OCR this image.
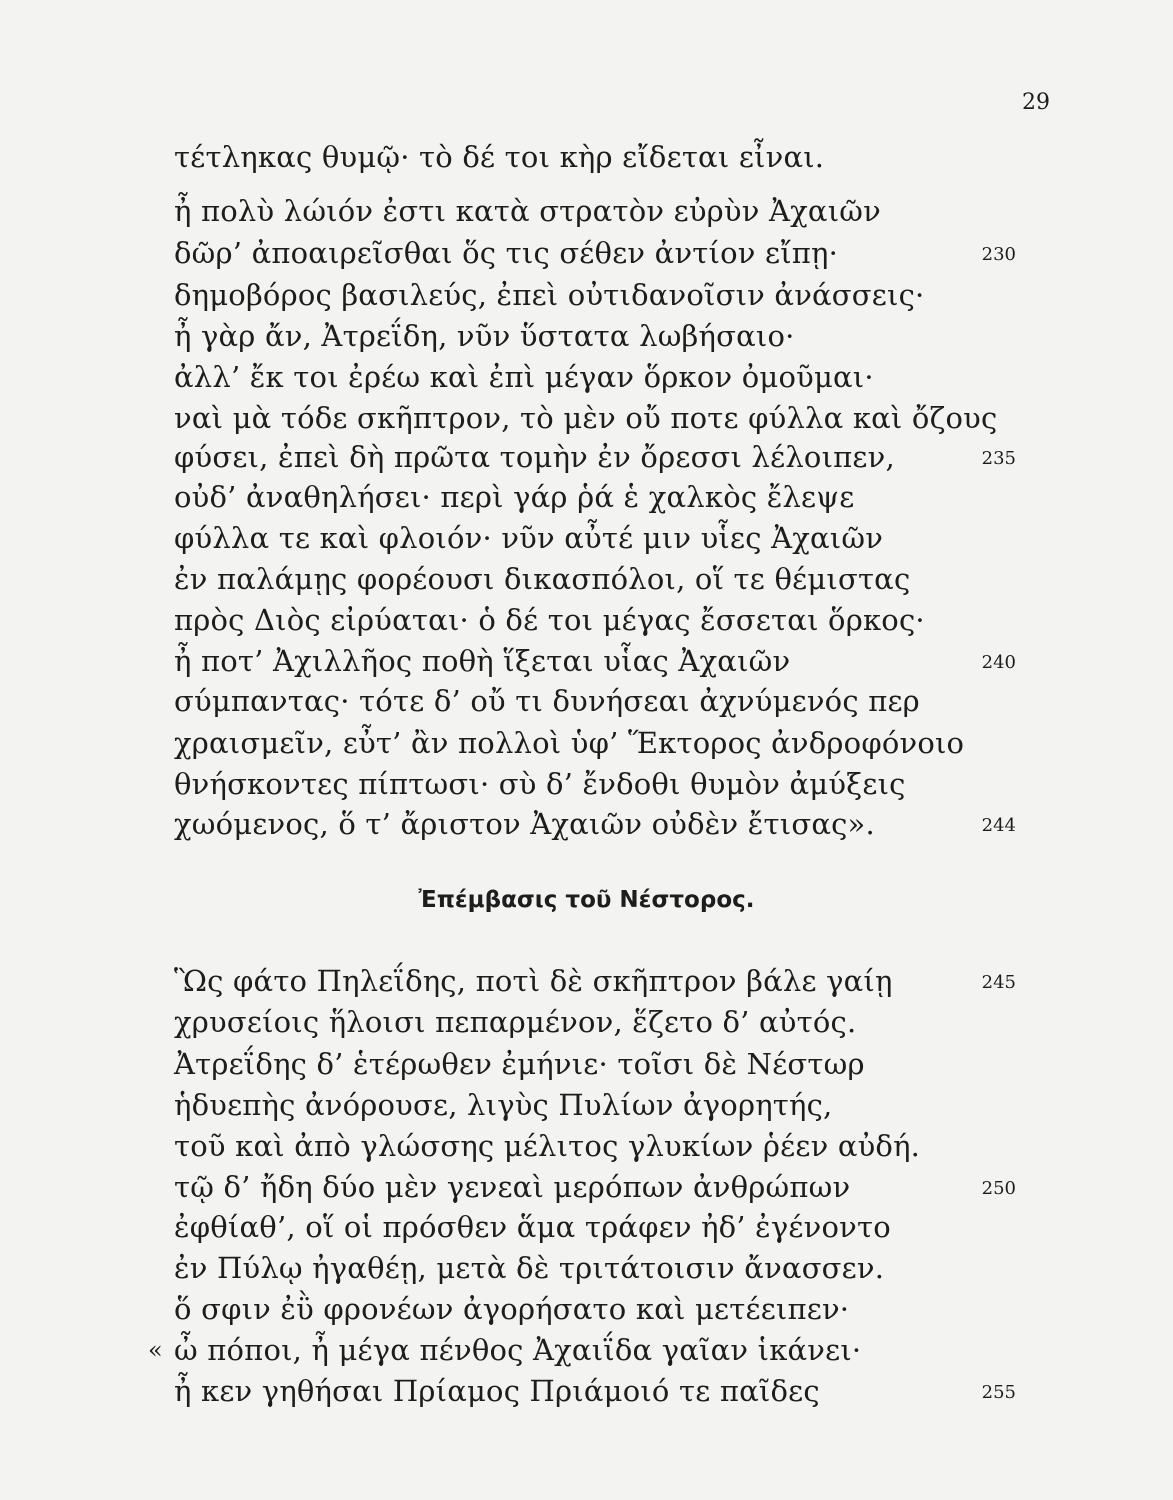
29
τέτληκας θυμῷ· τὸ δέ τοι κὴρ εἴδεται εἶναι.
ἦ πολὺ λώιόν ἐστι κατὰ στρατὸν εὐρὺν Ἀχαιῶν
δῶρ’ ἀποαιρεῖσθαι ὅς τις σέθεν ἀντίον εἴπῃ·
δημοβόρος βασιλεύς, ἐπεὶ οὐτιδανοῖσιν ἀνάσσεις·
ἦ γὰρ ἄν, Ἀτρεΐδη, νῦν ὕστατα λωβήσαιο·
ἀλλ’ ἔκ τοι ἐρέω καὶ ἐπὶ μέγαν ὅρκον ὀμοῦμαι·
ναὶ μὰ τόδε σκῆπτρον, τὸ μὲν οὔ ποτε φύλλα καὶ ὄζους
φύσει, ἐπεὶ δὴ πρῶτα τομὴν ἐν ὄρεσσι λέλοιπεν,
οὐδ’ ἀναθηλήσει· περὶ γάρ ῥά ἑ χαλκὸς ἔλεψε
φύλλα τε καὶ φλοιόν· νῦν αὖτέ μιν υἷες Ἀχαιῶν
ἐν παλάμῃς φορέουσι δικασπόλοι, οἵ τε θέμιστας
πρὸς Διὸς εἰρύαται· ὁ δέ τοι μέγας ἔσσεται ὅρκος·
ἦ ποτ’ Ἀχιλλῆος ποθὴ ἵξεται υἷας Ἀχαιῶν
σύμπαντας· τότε δ’ οὔ τι δυνήσεαι ἀχνύμενός περ
χραισμεῖν, εὖτ’ ἂν πολλοὶ ὑφ’ Ἕκτορος ἀνδροφόνοιο
θνήσκοντες πίπτωσι· σὺ δ’ ἔνδοθι θυμὸν ἀμύξεις
χωόμενος, ὅ τ’ ἄριστον Ἀχαιῶν οὐδὲν ἔτισας».
230
235
240
244
Ἐπέμβασις τοῦ Νέστορος.
Ὣς φάτο Πηλεΐδης, ποτὶ δὲ σκῆπτρον βάλε γαίῃ
χρυσείοις ἥλοισι πεπαρμένον, ἕζετο δ’ αὐτός.
Ἀτρεΐδης δ’ ἑτέρωθεν ἐμήνιε· τοῖσι δὲ Νέστωρ
ἡδυεπὴς ἀνόρουσε, λιγὺς Πυλίων ἀγορητής,
τοῦ καὶ ἀπὸ γλώσσης μέλιτος γλυκίων ῥέεν αὐδή.
τῷ δ’ ἤδη δύο μὲν γενεαὶ μερόπων ἀνθρώπων
ἐφθίαθ’, οἵ οἱ πρόσθεν ἅμα τράφεν ἠδ’ ἐγένοντο
ἐν Πύλῳ ἠγαθέῃ, μετὰ δὲ τριτάτοισιν ἄνασσεν.
ὅ σφιν ἐῢ φρονέων ἀγορήσατο καὶ μετέειπεν·
ὦ πόποι, ἦ μέγα πένθος Ἀχαιΐδα γαῖαν ἱκάνει·
ἦ κεν γηθήσαι Πρίαμος Πριάμοιό τε παῖδες
«
245
250
255
